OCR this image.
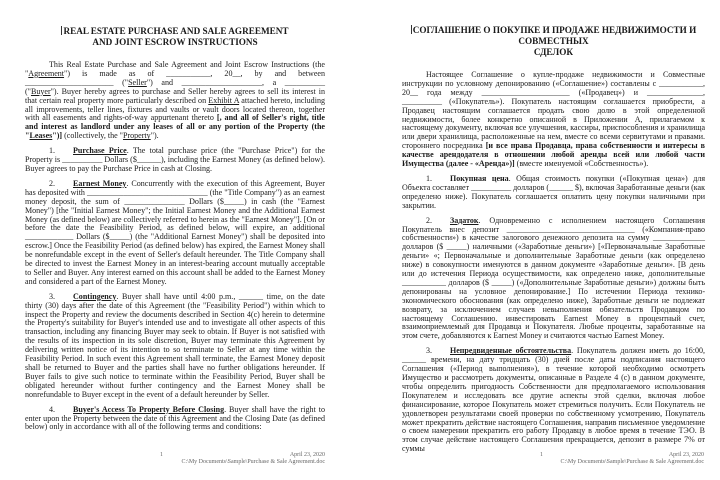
REAL ESTATE PURCHASE AND SALE AGREEMENT
AND JOINT ESCROW INSTRUCTIONS

This Real Estate Purchase and Sale Agreement and Joint Escrow Instructions (the "Agreement") is made as of ___________, 20__, by and between ______________________ ("Seller") and ____________________, a __________ ("Buyer"). Buyer hereby agrees to purchase and Seller hereby agrees to sell its interest in that certain real property more particularly described on Exhibit A attached hereto, including all improvements, teller lines, fixtures and vaults or vault doors located thereon, together with all easements and rights-of-way appurtenant thereto [, and all of Seller's right, title and interest as landlord under any leases of all or any portion of the Property (the "Leases")] (collectively, the "Property").

1. Purchase Price. The total purchase price (the "Purchase Price") for the Property is __________ Dollars ($______), including the Earnest Money (as defined below). Buyer agrees to pay the Purchase Price in cash at Closing.

2. Earnest Money. Concurrently with the execution of this Agreement, Buyer has deposited with ______________________________ (the "Title Company") as an earnest money deposit, the sum of _______________ Dollars ($_____) in cash (the "Earnest Money") [the "Initial Earnest Money"; the Initial Earnest Money and the Additional Earnest Money (as defined below) are collectively referred to herein as the "Earnest Money"]. [On or before the date the Feasibility Period, as defined below, will expire, an additional ____________ Dollars ($_____) (the "Additional Earnest Money") shall be deposited into escrow.] Once the Feasibility Period (as defined below) has expired, the Earnest Money shall be nonrefundable except in the event of Seller's default hereunder. The Title Company shall be directed to invest the Earnest Money in an interest-bearing account mutually acceptable to Seller and Buyer. Any interest earned on this account shall be added to the Earnest Money and considered a part of the Earnest Money.

3. Contingency. Buyer shall have until 4:00 p.m., ______ time, on the date thirty (30) days after the date of this Agreement (the "Feasibility Period") within which to inspect the Property and review the documents described in Section 4(c) herein to determine the Property's suitability for Buyer's intended use and to investigate all other aspects of this transaction, including any financing Buyer may seek to obtain. If Buyer is not satisfied with the results of its inspection in its sole discretion, Buyer may terminate this Agreement by delivering written notice of its intention to so terminate to Seller at any time within the Feasibility Period. In such event this Agreement shall terminate, the Earnest Money deposit shall be returned to Buyer and the parties shall have no further obligations hereunder. If Buyer fails to give such notice to terminate within the Feasibility Period, Buyer shall be obligated hereunder without further contingency and the Earnest Money shall be nonrefundable to Buyer except in the event of a default hereunder by Seller.

4. Buyer's Access To Property Before Closing. Buyer shall have the right to enter upon the Property between the date of this Agreement and the Closing Date (as defined below) only in accordance with all of the following terms and conditions:

1	April 23, 2020
C:\My Documents\Sample\Purchase & Sale Agreement.doc
СОГЛАШЕНИЕ О ПОКУПКЕ И ПРОДАЖЕ НЕДВИЖИМОСТИ И СОВМЕСТНЫХ
СДЕЛОК

Настоящее Соглашение о купле-продаже недвижимости и Совместные инструкции по условному депонированию («Соглашение») составлены с ___________, 20__ года между ______________________ («Продавец») и ______________, __________ («Покупатель»). Покупатель настоящим соглашается приобрести, а Продавец настоящим соглашается продать свою долю в этой определенной недвижимости, более конкретно описанной в Приложении А, прилагаемом к настоящему документу, включая все улучшения, кассиры, приспособления и хранилища или двери хранилища, расположенные на нем, вместе со всеми сервитутами и правами. стороннего посредника [и все права Продавца, права собственности и интересы в качестве арендодателя в отношении любой аренды всей или любой части Имущества (далее - «Аренда»)] (вместе именуемой «Собственность»).

1. Покупная цена. Общая стоимость покупки («Покупная цена») для Объекта составляет __________ долларов (______ $), включая Заработанные деньги (как определено ниже). Покупатель соглашается оплатить цену покупки наличными при закрытии.

2. Задаток. Одновременно с исполнением настоящего Соглашения Покупатель внес депозит ________________________________ («Компания-право собственности») в качестве залогового денежного депозита на сумму _____________ долларов ($ _____) наличными («Заработные деньги») [«Первоначальные Заработные деньги» «; Первоначальные и дополнительные Заработные деньги (как определено ниже) в совокупности именуются в данном документе «Заработные деньги». [В день или до истечения Периода осуществимости, как определено ниже, дополнительные ___________ долларов ($ _____) («Дополнительные Заработные деньги») должны быть депонированы на условное депонирование.] По истечении Периода технико-экономического обоснования (как определено ниже), Заработные деньги не подлежат возврату, за исключением случаев невыполнения обязательств Продавцом по настоящему Соглашению. инвестировать Earnest Money в процентный счет, взаимоприемлемый для Продавца и Покупателя. Любые проценты, заработанные на этом счете, добавляются к Earnest Money и считаются частью Earnest Money.

3. Непредвиденные обстоятельства. Покупатель должен иметь до 16:00, ______ времени, на дату тридцать (30) дней после даты подписания настоящего Соглашения («Период выполнения»), в течение которой необходимо осмотреть Имущество и рассмотреть документы, описанные в Разделе 4 (с) в данном документе, чтобы определить пригодность Собственности для предполагаемого использования Покупателем и исследовать все другие аспекты этой сделки, включая любое финансирование, которое Покупатель может стремиться получить. Если Покупатель не удовлетворен результатами своей проверки по собственному усмотрению, Покупатель может прекратить действие настоящего Соглашения, направив письменное уведомление о своем намерении прекратить его работу Продавцу в любое время в течение ТЭО. В этом случае действие настоящего Соглашения прекращается, депозит в размере 7% от суммы

1	April 23, 2020
C:\My Documents\Sample\Purchase & Sale Agreement.doc
